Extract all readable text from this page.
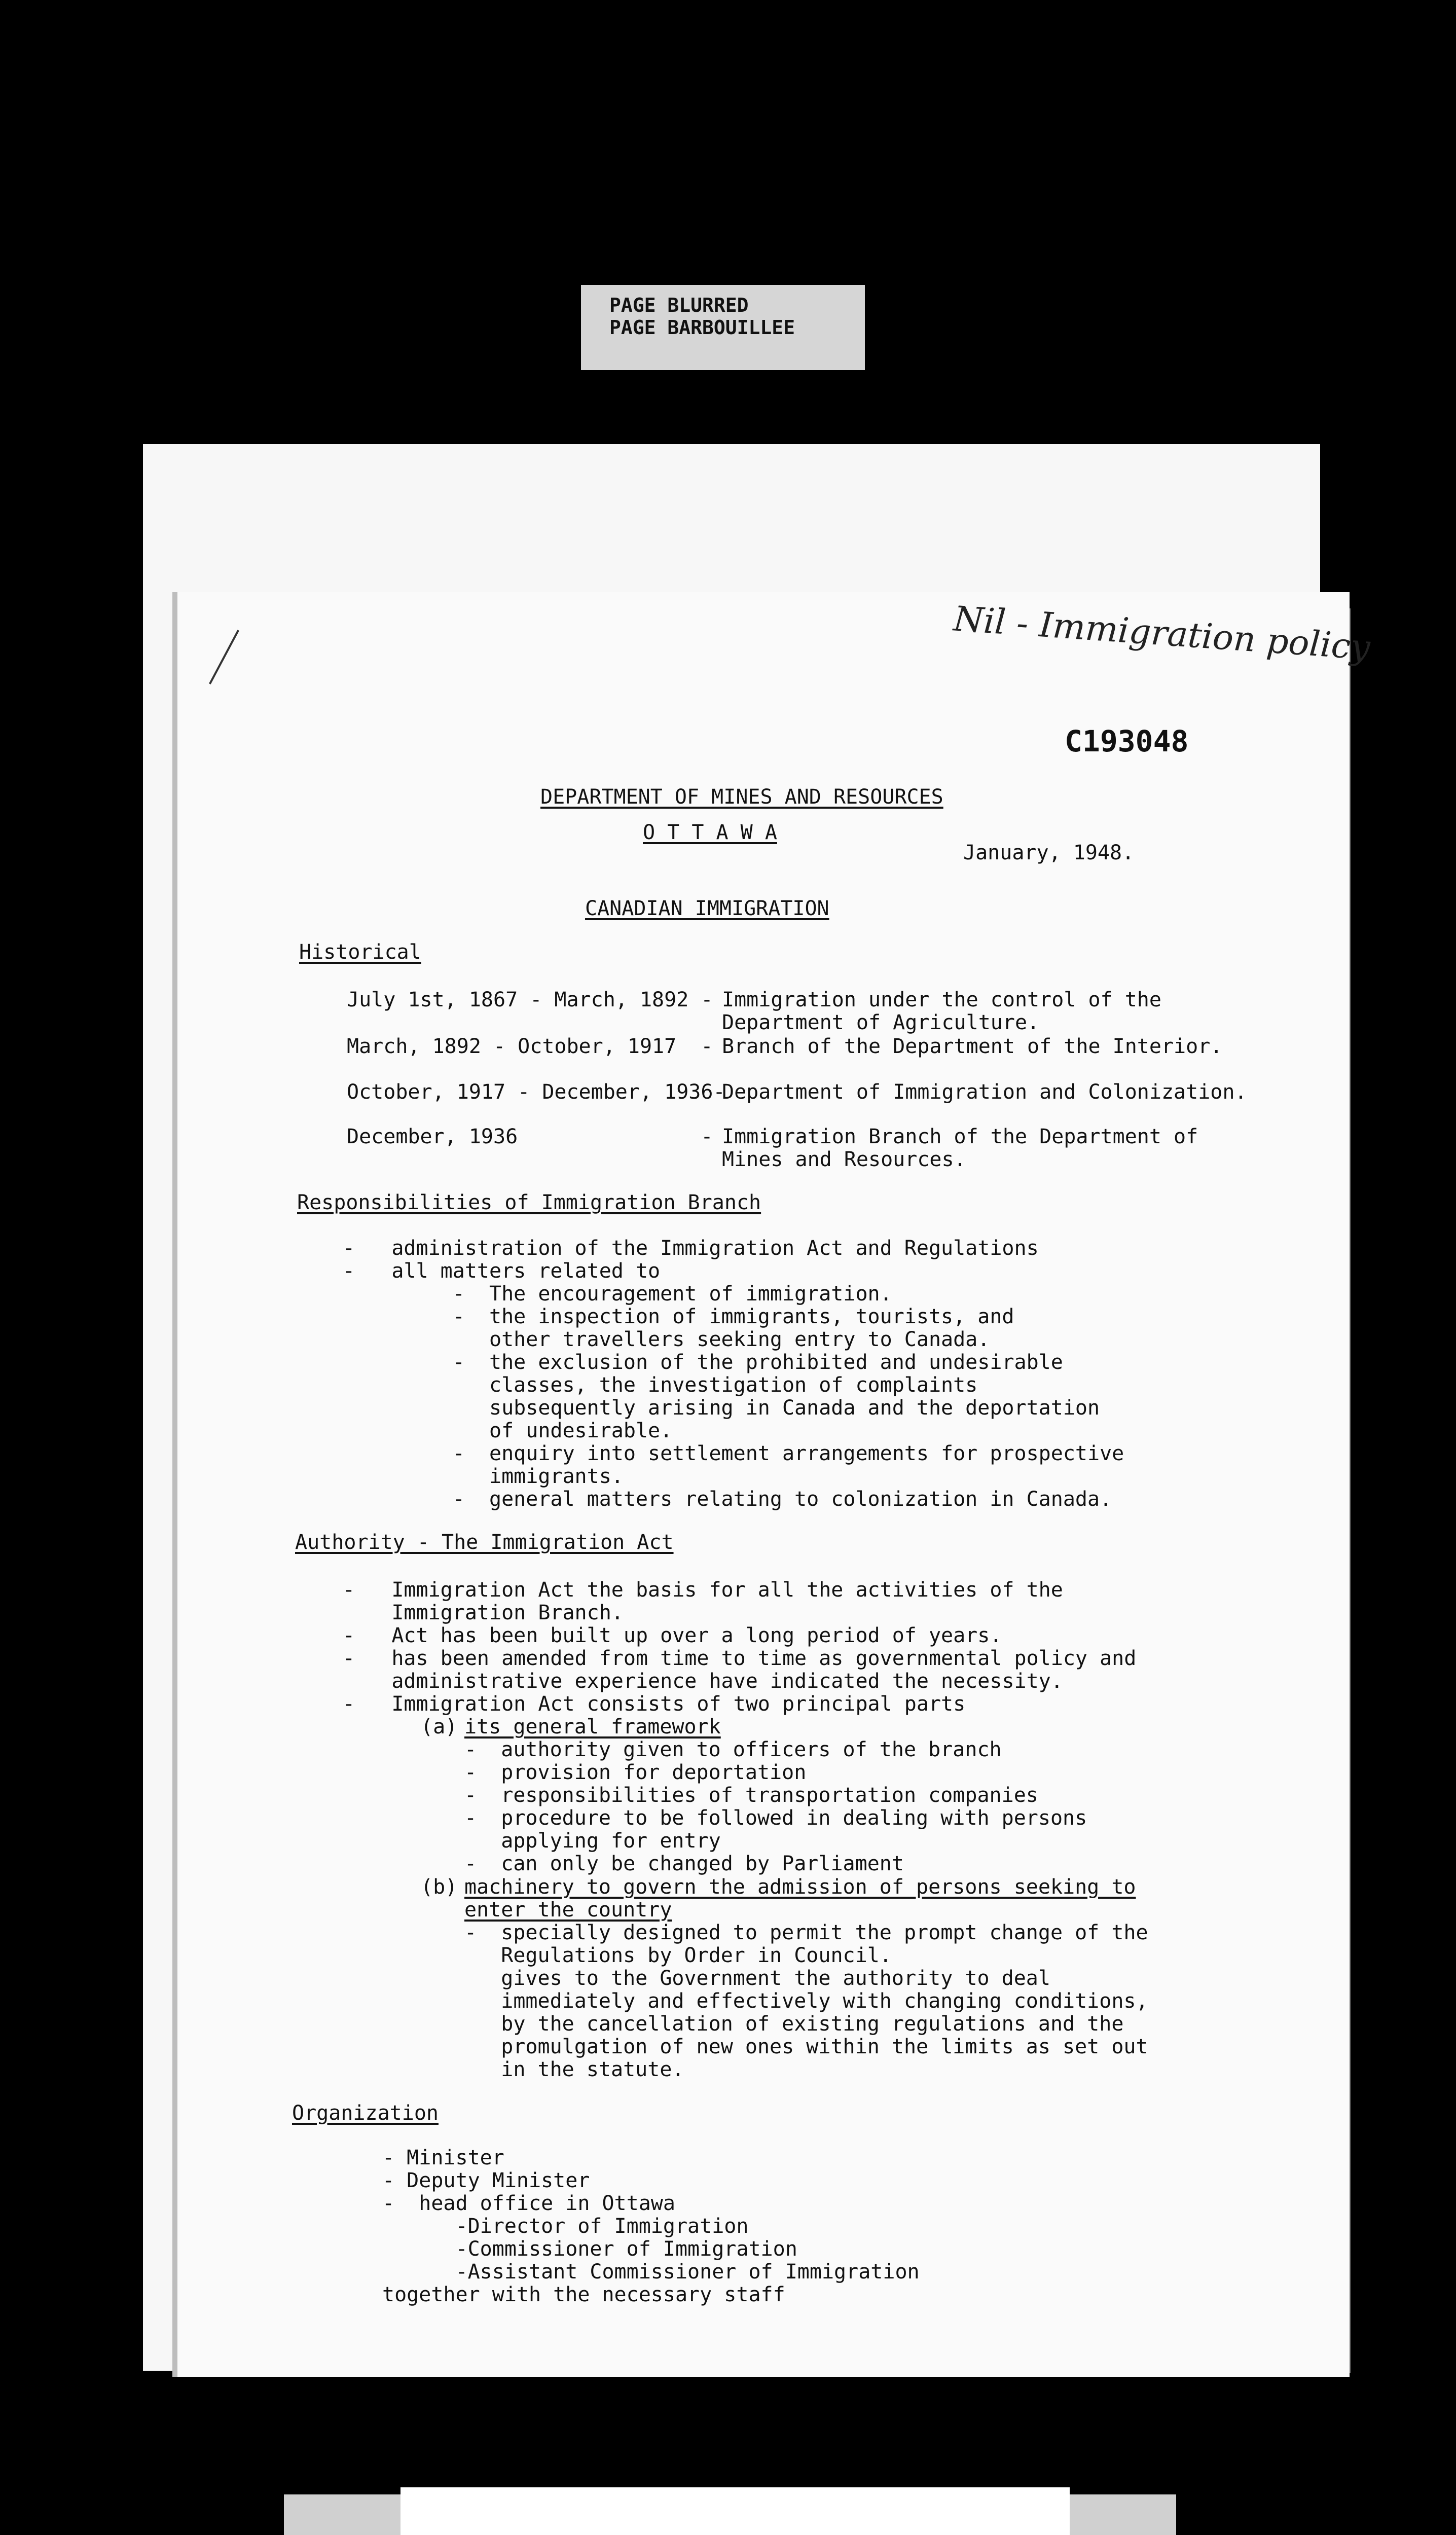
PAGE BLURRED
PAGE BARBOUILLEE
Nil - Immigration policy
C193048
DEPARTMENT OF MINES AND RESOURCES
O T T A W A
January, 1948.
CANADIAN IMMIGRATION
Historical
July 1st, 1867 - March, 1892 - Immigration under the control of the
Department of Agriculture.
March, 1892 - October, 1917  - Branch of the Department of the Interior.
October, 1917 - December, 1936-
Department of Immigration and Colonization.
December, 1936               - Immigration Branch of the Department of
Mines and Resources.
Responsibilities of Immigration Branch
-   administration of the Immigration Act and Regulations
-   all matters related to
-  The encouragement of immigration.
-  the inspection of immigrants, tourists, and
other travellers seeking entry to Canada.
-  the exclusion of the prohibited and undesirable
classes, the investigation of complaints
subsequently arising in Canada and the deportation
of undesirable.
-  enquiry into settlement arrangements for prospective
immigrants.
-  general matters relating to colonization in Canada.
Authority - The Immigration Act
-   Immigration Act the basis for all the activities of the
Immigration Branch.
-   Act has been built up over a long period of years.
-   has been amended from time to time as governmental policy and
administrative experience have indicated the necessity.
-   Immigration Act consists of two principal parts
(a) its general framework
-  authority given to officers of the branch
-  provision for deportation
-  responsibilities of transportation companies
-  procedure to be followed in dealing with persons
applying for entry
-  can only be changed by Parliament
(b) machinery to govern the admission of persons seeking to
enter the country
-  specially designed to permit the prompt change of the
Regulations by Order in Council.
gives to the Government the authority to deal
immediately and effectively with changing conditions,
by the cancellation of existing regulations and the
promulgation of new ones within the limits as set out
in the statute.
Organization
- Minister
- Deputy Minister
-  head office in Ottawa
-Director of Immigration
-Commissioner of Immigration
-Assistant Commissioner of Immigration
together with the necessary staff
